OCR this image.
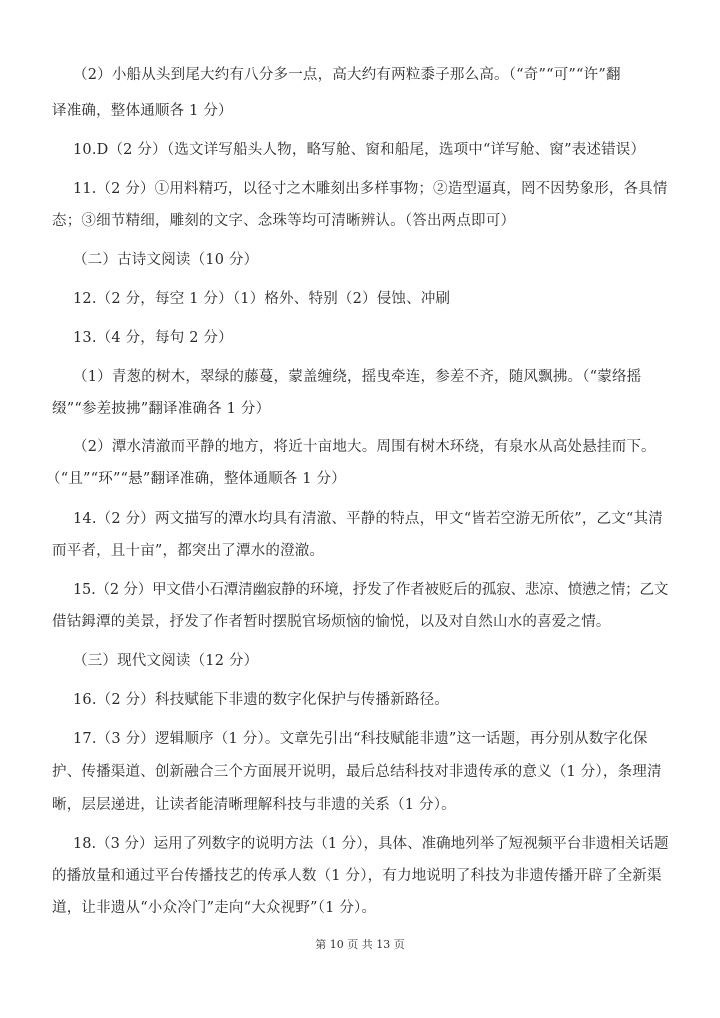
（2）小船从头到尾大约有八分多一点，高大约有两粒黍子那么高。（“奇”“可”“许”翻
译准确，整体通顺各 1 分）
10.D（2 分）（选文详写船头人物，略写舱、窗和船尾，选项中“详写舱、窗”表述错误）
11.（2 分）①用料精巧，以径寸之木雕刻出多样事物；②造型逼真，罔不因势象形，各具情
态；③细节精细，雕刻的文字、念珠等均可清晰辨认。（答出两点即可）
（二）古诗文阅读（10 分）
12.（2 分，每空 1 分）（1）格外、特别（2）侵蚀、冲刷
13.（4 分，每句 2 分）
（1）青葱的树木，翠绿的藤蔓，蒙盖缠绕，摇曳牵连，参差不齐，随风飘拂。（“蒙络摇
缀”“参差披拂”翻译准确各 1 分）
（2）潭水清澈而平静的地方，将近十亩地大。周围有树木环绕，有泉水从高处悬挂而下。
（“且”“环”“悬”翻译准确，整体通顺各 1 分）
14.（2 分）两文描写的潭水均具有清澈、平静的特点，甲文“皆若空游无所依”，乙文“其清
而平者，且十亩”，都突出了潭水的澄澈。
15.（2 分）甲文借小石潭清幽寂静的环境，抒发了作者被贬后的孤寂、悲凉、愤懑之情；乙文
借钴鉧潭的美景，抒发了作者暂时摆脱官场烦恼的愉悦，以及对自然山水的喜爱之情。
（三）现代文阅读（12 分）
16.（2 分）科技赋能下非遗的数字化保护与传播新路径。
17.（3 分）逻辑顺序（1 分）。文章先引出“科技赋能非遗”这一话题，再分别从数字化保
护、传播渠道、创新融合三个方面展开说明，最后总结科技对非遗传承的意义（1 分），条理清
晰，层层递进，让读者能清晰理解科技与非遗的关系（1 分）。
18.（3 分）运用了列数字的说明方法（1 分），具体、准确地列举了短视频平台非遗相关话题
的播放量和通过平台传播技艺的传承人数（1 分），有力地说明了科技为非遗传播开辟了全新渠
道，让非遗从“小众冷门”走向“大众视野”（1 分）。
第 10 页 共 13 页
